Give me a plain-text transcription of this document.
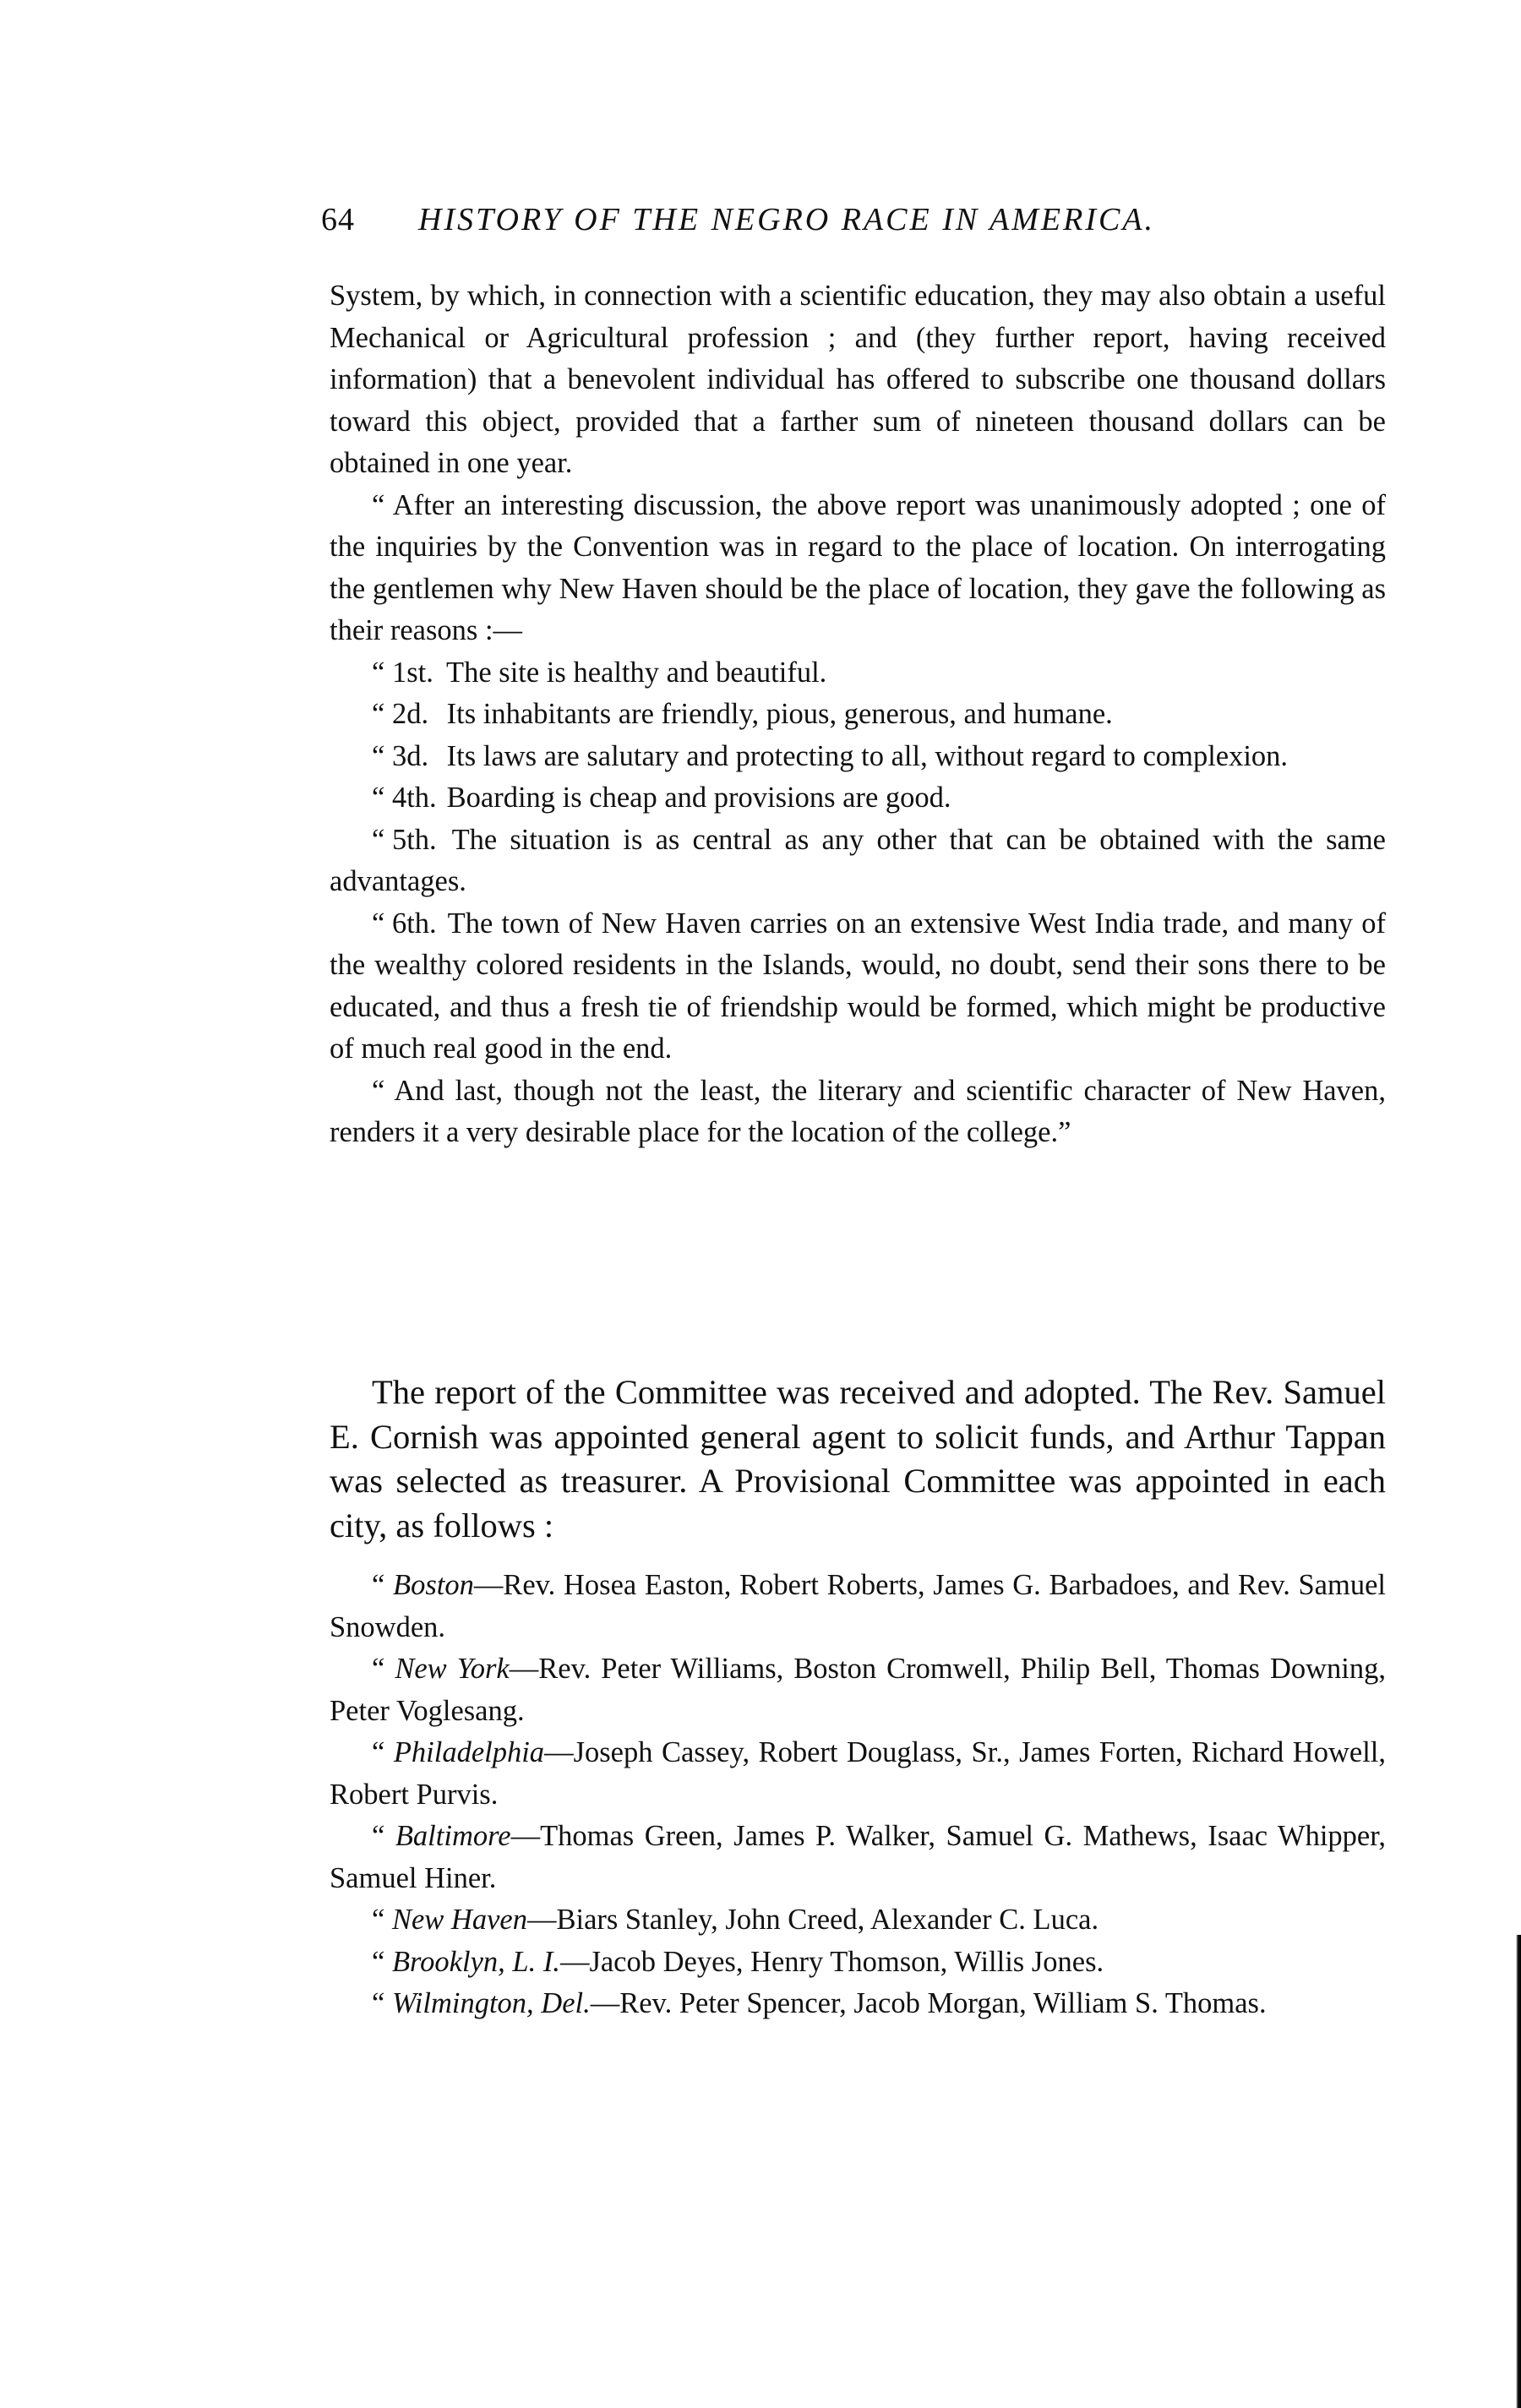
64 HISTORY OF THE NEGRO RACE IN AMERICA.

System, by which, in connection with a scientific education, they may also obtain a useful Mechanical or Agricultural profession ; and (they further report, having received information) that a benevolent individual has offered to subscribe one thousand dollars toward this object, provided that a farther sum of nineteen thousand dollars can be obtained in one year.

“ After an interesting discussion, the above report was unanimously adopted ; one of the inquiries by the Convention was in regard to the place of location. On interrogating the gentlemen why New Haven should be the place of location, they gave the following as their reasons :—

“ 1st. The site is healthy and beautiful.

“ 2d. Its inhabitants are friendly, pious, generous, and humane.

“ 3d. Its laws are salutary and protecting to all, without regard to complexion.

“ 4th. Boarding is cheap and provisions are good.

“ 5th. The situation is as central as any other that can be obtained with the same advantages.

“ 6th. The town of New Haven carries on an extensive West India trade, and many of the wealthy colored residents in the Islands, would, no doubt, send their sons there to be educated, and thus a fresh tie of friendship would be formed, which might be productive of much real good in the end.

“ And last, though not the least, the literary and scientific character of New Haven, renders it a very desirable place for the location of the college.”

The report of the Committee was received and adopted. The Rev. Samuel E. Cornish was appointed general agent to solicit funds, and Arthur Tappan was selected as treasurer. A Provisional Committee was appointed in each city, as follows :

“ Boston—Rev. Hosea Easton, Robert Roberts, James G. Barbadoes, and Rev. Samuel Snowden.

“ New York—Rev. Peter Williams, Boston Cromwell, Philip Bell, Thomas Downing, Peter Voglesang.

“ Philadelphia—Joseph Cassey, Robert Douglass, Sr., James Forten, Richard Howell, Robert Purvis.

“ Baltimore—Thomas Green, James P. Walker, Samuel G. Mathews, Isaac Whipper, Samuel Hiner.

“ New Haven—Biars Stanley, John Creed, Alexander C. Luca.

“ Brooklyn, L. I.—Jacob Deyes, Henry Thomson, Willis Jones.

“ Wilmington, Del.—Rev. Peter Spencer, Jacob Morgan, William S. Thomas.
